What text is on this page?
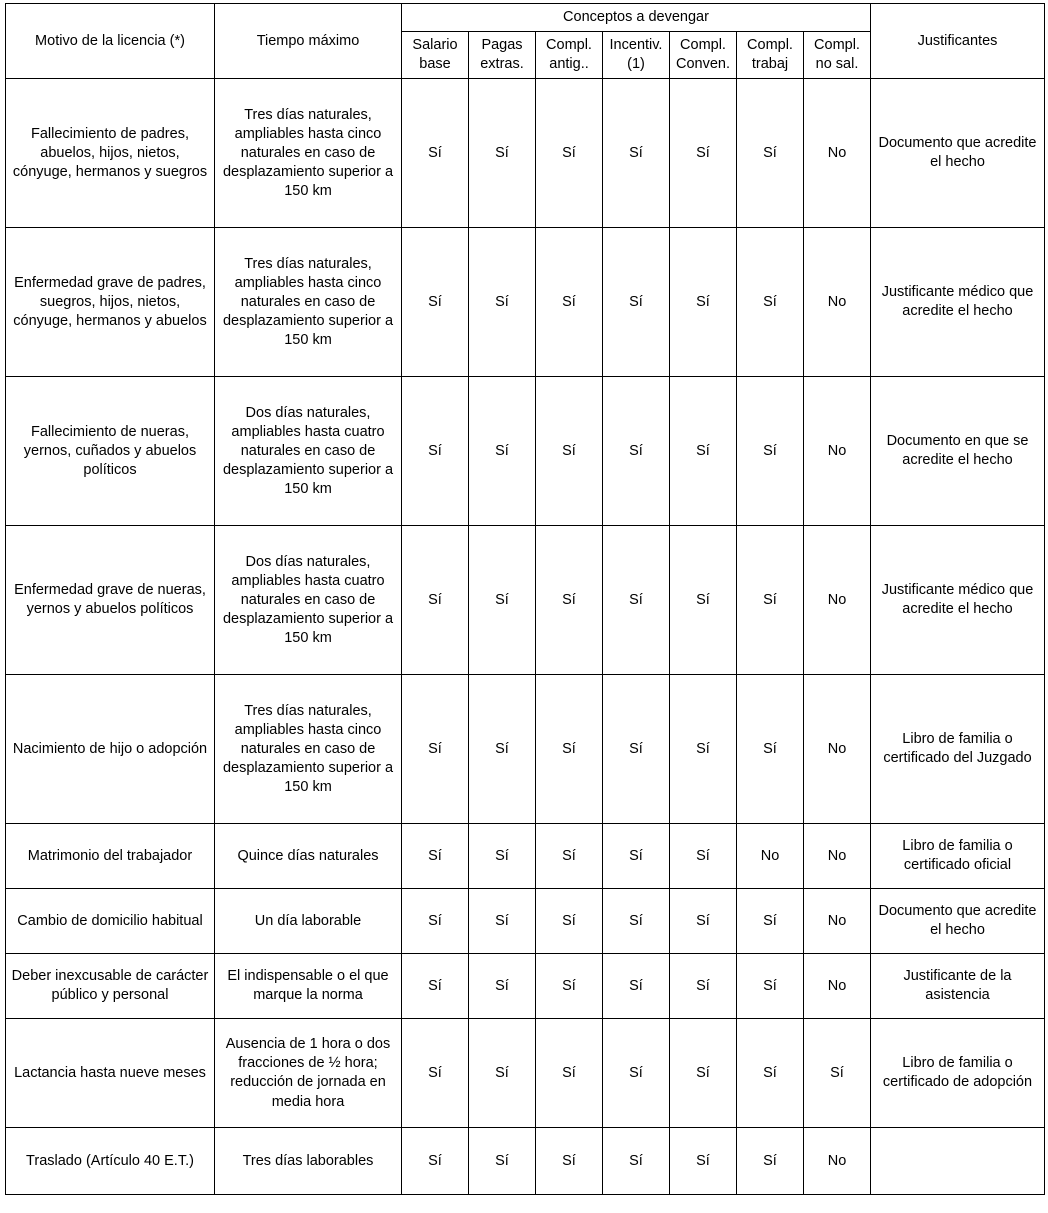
Motivo de la licencia (*)	Tiempo máximo	Conceptos a devengar							Justificantes
		Salario base	Pagas extras.	Compl. antig..	Incentiv. (1)	Compl. Conven.	Compl. trabaj	Compl. no sal.	
Fallecimiento de padres, abuelos, hijos, nietos, cónyuge, hermanos y suegros	Tres días naturales, ampliables hasta cinco naturales en caso de desplazamiento superior a 150 km	Sí	Sí	Sí	Sí	Sí	Sí	No	Documento que acredite el hecho
Enfermedad grave de padres, suegros, hijos, nietos, cónyuge, hermanos y abuelos	Tres días naturales, ampliables hasta cinco naturales en caso de desplazamiento superior a 150 km	Sí	Sí	Sí	Sí	Sí	Sí	No	Justificante médico que acredite el hecho
Fallecimiento de nueras, yernos, cuñados y abuelos políticos	Dos días naturales, ampliables hasta cuatro naturales en caso de desplazamiento superior a 150 km	Sí	Sí	Sí	Sí	Sí	Sí	No	Documento en que se acredite el hecho
Enfermedad grave de nueras, yernos y abuelos políticos	Dos días naturales, ampliables hasta cuatro naturales en caso de desplazamiento superior a 150 km	Sí	Sí	Sí	Sí	Sí	Sí	No	Justificante médico que acredite el hecho
Nacimiento de hijo o adopción	Tres días naturales, ampliables hasta cinco naturales en caso de desplazamiento superior a 150 km	Sí	Sí	Sí	Sí	Sí	Sí	No	Libro de familia o certificado del Juzgado
Matrimonio del trabajador	Quince días naturales	Sí	Sí	Sí	Sí	Sí	No	No	Libro de familia o certificado oficial
Cambio de domicilio habitual	Un día laborable	Sí	Sí	Sí	Sí	Sí	Sí	No	Documento que acredite el hecho
Deber inexcusable de carácter público y personal	El indispensable o el que marque la norma	Sí	Sí	Sí	Sí	Sí	Sí	No	Justificante de la asistencia
Lactancia hasta nueve meses	Ausencia de 1 hora o dos fracciones de ½ hora; reducción de jornada en media hora	Sí	Sí	Sí	Sí	Sí	Sí	Sí	Libro de familia o certificado de adopción
Traslado (Artículo 40 E.T.)	Tres días laborables	Sí	Sí	Sí	Sí	Sí	Sí	No	
